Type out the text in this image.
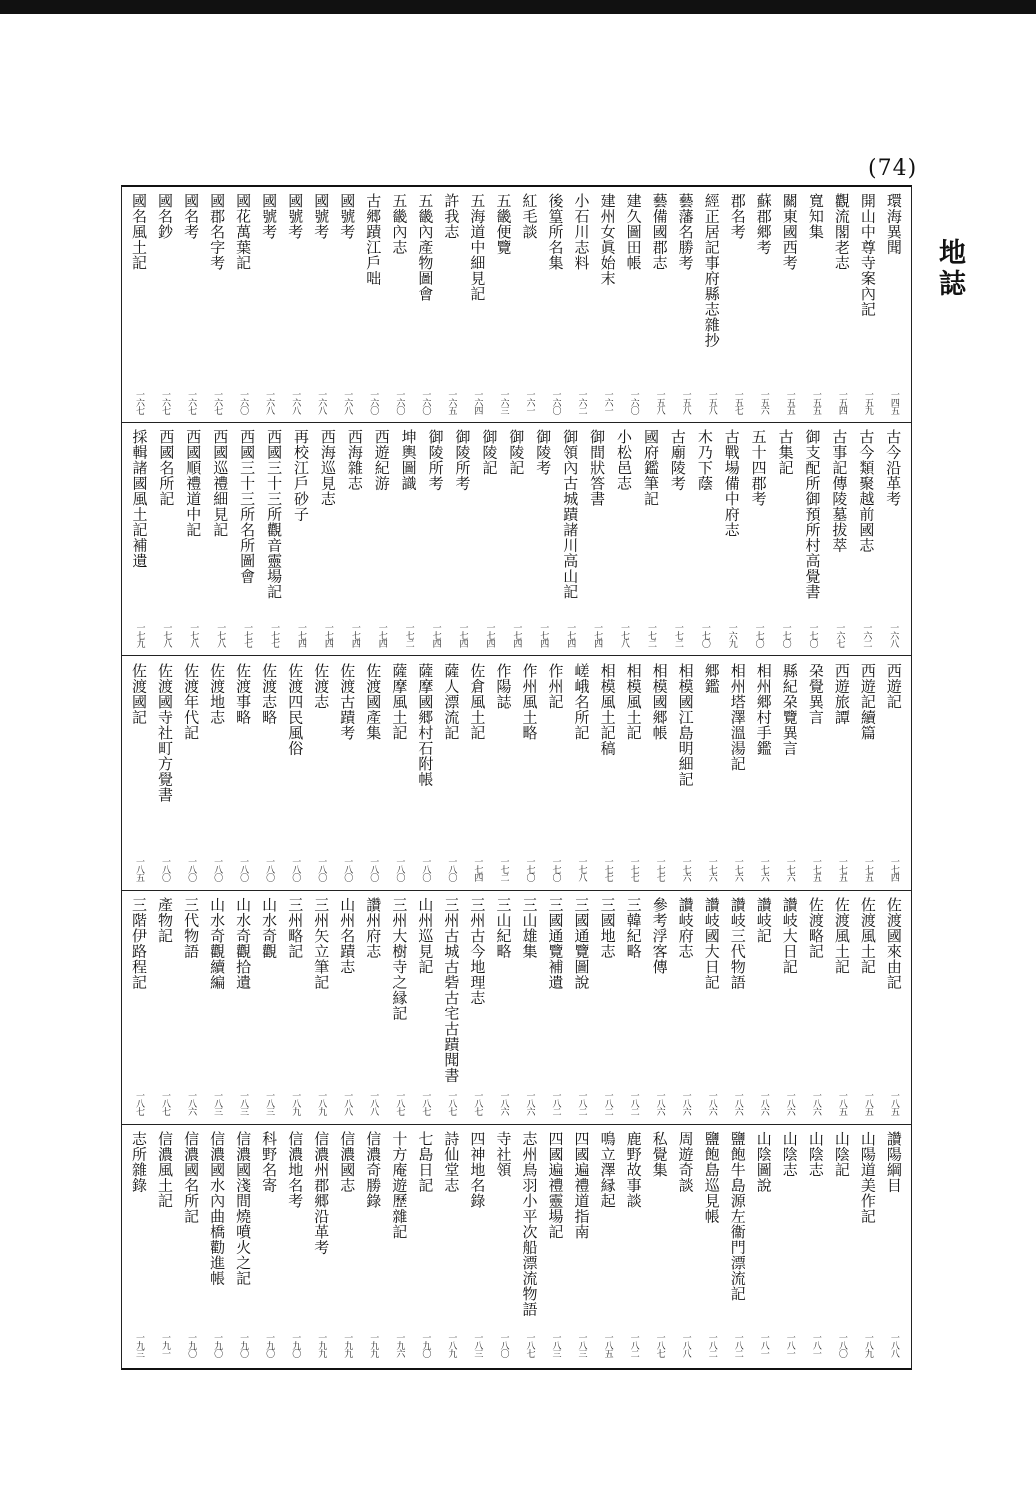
(74)
地誌
環海異聞
一四五
開山中尊寺案內記
一五九
觀流閣老志
一五四
寬知集
一五五
關東國西考
一五五
蘇郡郷考
一五六
郡名考
一五七
經正居記事府縣志雜抄
一五八
藝藩名勝考
一五八
藝備國郡志
一五八
建久圖田帳
一六〇
建州女眞始末
一六一
小石川志料
一六二
後篁所名集
一六〇
紅毛談
一六一
五畿便覽
一六三
五海道中細見記
一六四
許我志
一六五
五畿內產物圖會
一六〇
五畿內志
一六〇
古郷蹟江戶咄
一六〇
國號考
一六八
國號考
一六八
國號考
一六八
國號考
一六八
國花萬葉記
一六〇
國郡名字考
一六七
國名考
一六七
國名鈔
一六七
國名風土記
一六七
古今沿革考
一六八
古今類聚越前國志
一六二
古事記傳陵墓拔萃
一六七
御支配所御預所村高覺書
一七〇
古集記
一七〇
五十四郡考
一七〇
古戰場備中府志
一六九
木乃下蔭
一七〇
古廟陵考
一七二
國府鑑筆記
一七二
小松邑志
一七八
御間狀答書
一七四
御領內古城蹟諸川高山記
一七四
御陵考
一七四
御陵記
一七四
御陵記
一七四
御陵所考
一七四
御陵所考
一七四
坤輿圖識
一七二
西遊紀游
一七四
西海雜志
一七四
西海巡見志
一七四
再校江戶砂子
一七四
西國三十三所觀音靈場記
一七七
西國三十三所名所圖會
一七七
西國巡禮細見記
一七八
西國順禮道中記
一七八
西國名所記
一七八
採輯諸國風土記補遺
一七九
西遊記
一七四
西遊記續篇
一七五
西遊旅譚
一七五
朶覺異言
一七五
縣紀朶覽異言
一七六
相州郷村手鑑
一七六
相州塔澤溫湯記
一七六
郷鑑
一七六
相模國江島明細記
一七六
相模國郷帳
一七七
相模風土記
一七七
相模風土記稿
一七七
嵯峨名所記
一七八
作州記
一七〇
作州風土略
一七〇
作陽誌
一七二
佐倉風土記
一七四
薩人漂流記
一八〇
薩摩國郷村石附帳
一八〇
薩摩風土記
一八〇
佐渡國產集
一八〇
佐渡古蹟考
一八〇
佐渡志
一八〇
佐渡四民風俗
一八〇
佐渡志略
一八〇
佐渡事略
一八〇
佐渡地志
一八〇
佐渡年代記
一八〇
佐渡國寺社町方覺書
一八〇
佐渡國記
一八五
佐渡國來由記
一八五
佐渡風土記
一八五
佐渡風土記
一八五
佐渡略記
一八六
讚岐大日記
一八六
讚岐記
一八六
讚岐三代物語
一八六
讚岐國大日記
一八六
讚岐府志
一八六
參考浮客傳
一八六
三韓紀略
一八二
三國地志
一八二
三國通覽圖說
一八二
三國通覽補遺
一八二
三山雄集
一八六
三山紀略
一八六
三州古今地理志
一八七
三州古城古砦古宅古蹟聞書
一八七
山州巡見記
一八七
三州大樹寺之縁記
一八七
讚州府志
一八八
山州名蹟志
一八八
三州矢立筆記
一八九
三州略記
一八九
山水奇觀
一八三
山水奇觀拾遺
一八三
山水奇觀續編
一八三
三代物語
一八六
產物記
一八七
三階伊路程記
一八七
讚陽綱目
一八八
山陽道美作記
一八九
山陰記
一八〇
山陰志
一八一
山陰志
一八一
山陰圖說
一八一
鹽飽牛島源左衞門漂流記
一八二
鹽飽島巡見帳
一八二
周遊奇談
一八八
私覺集
一八七
鹿野故事談
一八二
鳴立澤縁起
一八五
四國遍禮道指南
一八三
四國遍禮靈場記
一八三
志州鳥羽小平次船漂流物語
一八七
寺社領
一八〇
四神地名錄
一八三
詩仙堂志
一八九
七島日記
一九〇
十方庵遊歷雜記
一九六
信濃奇勝錄
一九九
信濃國志
一九九
信濃州郡郷沿革考
一九九
信濃地名考
一九〇
科野名寄
一九〇
信濃國淺間燒噴火之記
一九〇
信濃國水內曲橋勸進帳
一九〇
信濃國名所記
一九〇
信濃風土記
一九一
志所雜錄
一九三
